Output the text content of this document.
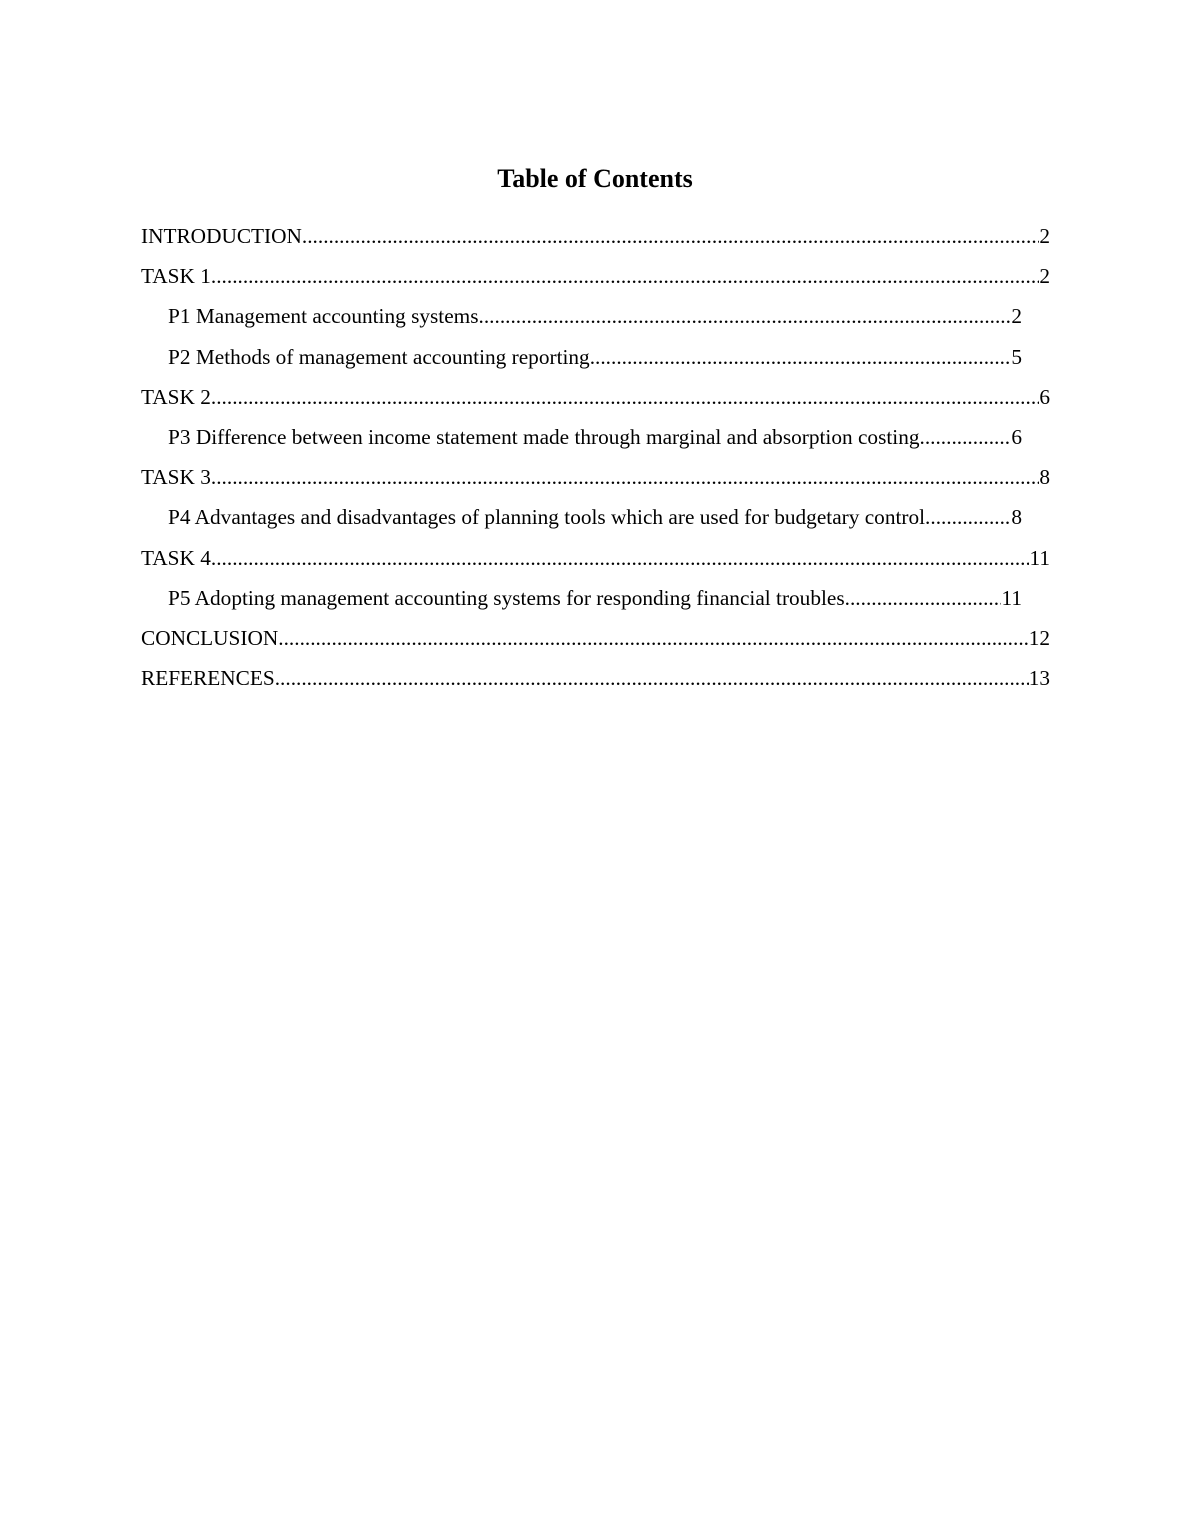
Table of Contents
INTRODUCTION .....	2
TASK 1 .....	2
P1 Management accounting systems .....	2
P2 Methods of management accounting reporting .....	5
TASK 2 .....	6
P3 Difference between income statement made through marginal and absorption costing .....	6
TASK 3 .....	8
P4 Advantages and disadvantages of planning tools which are used for budgetary control .....	8
TASK 4 .....	11
P5 Adopting management accounting systems for responding financial troubles .....	11
CONCLUSION .....	12
REFERENCES .....	13
